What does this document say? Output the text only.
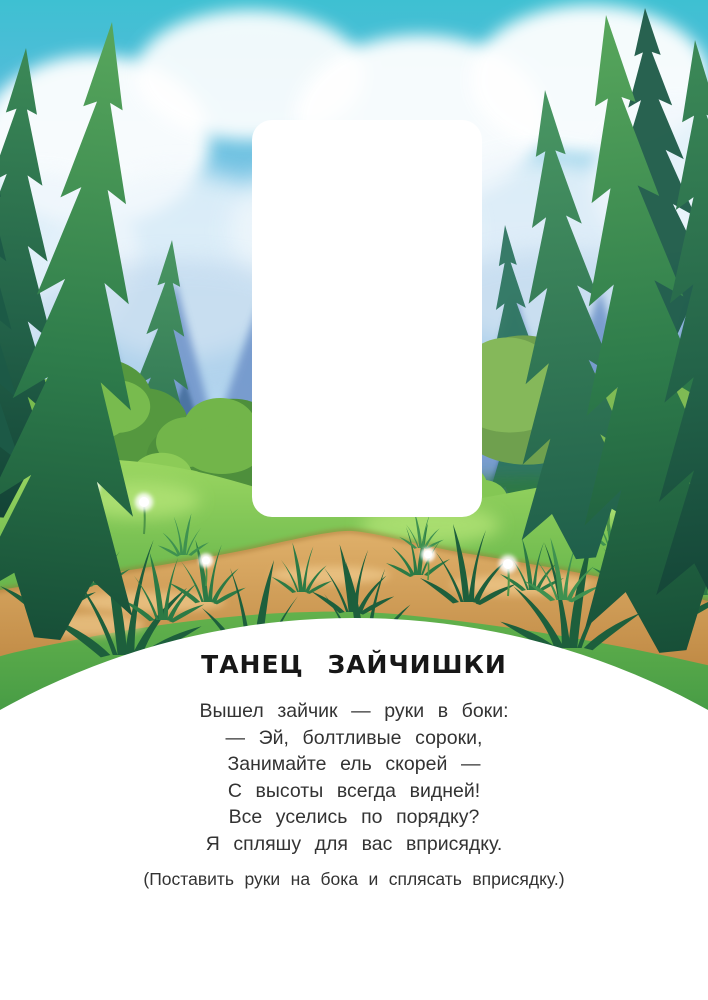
ТАНЕЦ ЗАЙЧИШКИ
Вышел зайчик — руки в боки:
— Эй, болтливые сороки,
Занимайте ель скорей —
С высоты всегда видней!
Все уселись по порядку?
Я спляшу для вас вприсядку.
(Поставить руки на бока и сплясать вприсядку.)
